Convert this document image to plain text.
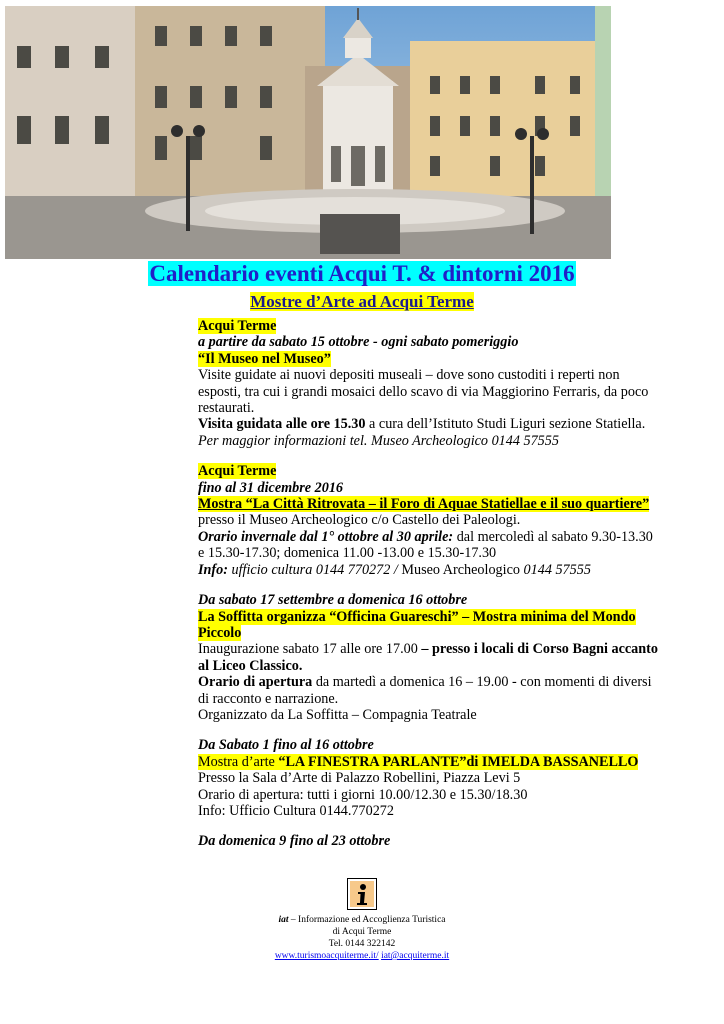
Calendario eventi Acqui T. & dintorni 2016
Mostre d’Arte ad Acqui Terme
Acqui Terme
a partire da sabato 15 ottobre - ogni sabato pomeriggio
“Il Museo nel Museo”
Visite guidate ai nuovi depositi museali – dove sono custoditi i reperti non esposti, tra cui i grandi mosaici dello scavo di via Maggiorino Ferraris, da poco restaurati.
Visita guidata alle ore 15.30 a cura dell’Istituto Studi Liguri sezione Statiella. Per maggior informazioni tel. Museo Archeologico 0144 57555
Acqui Terme
fino al 31 dicembre 2016
Mostra “La Città Ritrovata – il Foro di Aquae Statiellae e il suo quartiere” presso il Museo Archeologico c/o Castello dei Paleologi.
Orario invernale dal 1° ottobre al 30 aprile: dal mercoledì al sabato 9.30-13.30 e 15.30-17.30; domenica 11.00 -13.00 e 15.30-17.30
Info: ufficio cultura 0144 770272 / Museo Archeologico 0144 57555
Da sabato 17 settembre a domenica 16 ottobre
La Soffitta organizza “Officina Guareschi” – Mostra minima del Mondo Piccolo
Inaugurazione sabato 17 alle ore 17.00 – presso i locali di Corso Bagni accanto al Liceo Classico.
Orario di apertura da martedì a domenica 16 – 19.00 - con momenti di diversi di racconto e narrazione.
Organizzato da La Soffitta – Compagnia Teatrale
Da Sabato 1 fino al 16 ottobre
Mostra d’arte “LA FINESTRA PARLANTE”di IMELDA BASSANELLO
Presso la Sala d’Arte di Palazzo Robellini, Piazza Levi 5
Orario di apertura: tutti i giorni 10.00/12.30 e 15.30/18.30
Info: Ufficio Cultura 0144.770272
Da domenica 9 fino al 23 ottobre
iat – Informazione ed Accoglienza Turistica
di Acqui Terme
Tel. 0144 322142
www.turismoacquiterme.it/ iat@acquiterme.it
